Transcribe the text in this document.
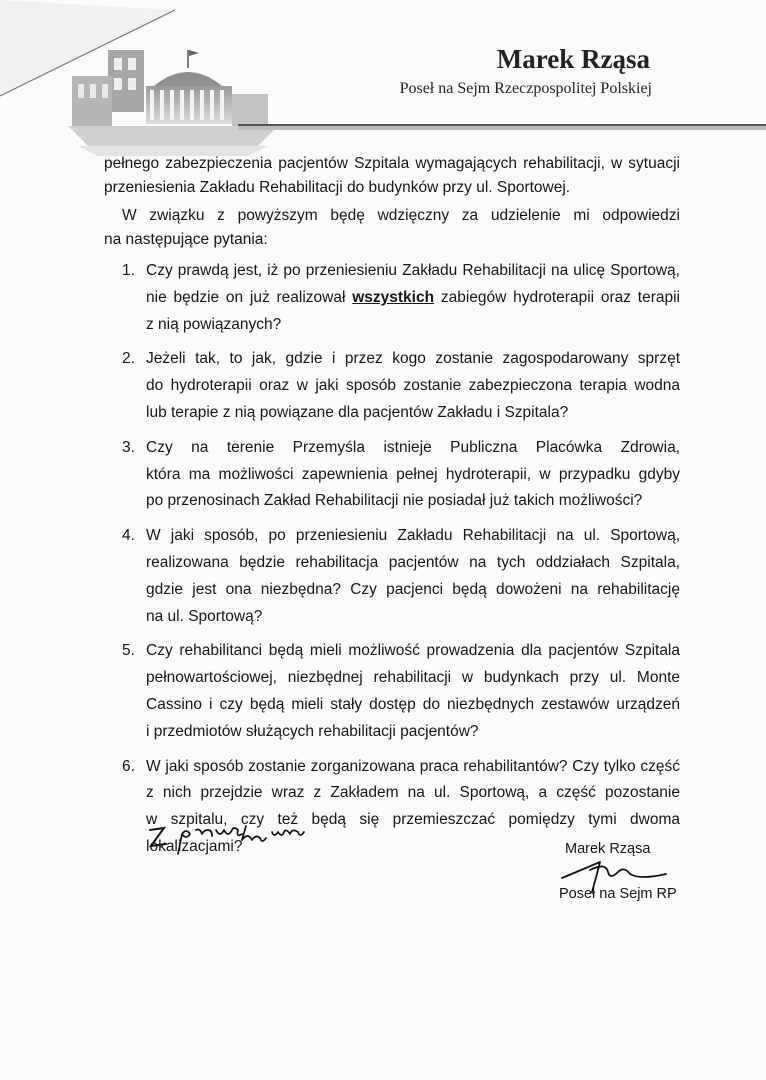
Marek Rząsa
Poseł na Sejm Rzeczpospolitej Polskiej
pełnego zabezpieczenia pacjentów Szpitala wymagających rehabilitacji, w sytuacji
przeniesienia Zakładu Rehabilitacji do budynków przy ul. Sportowej.
W związku z powyższym będę wdzięczny za udzielenie mi odpowiedzi
na następujące pytania:
1. Czy prawdą jest, iż po przeniesieniu Zakładu Rehabilitacji na ulicę Sportową,
nie będzie on już realizował wszystkich zabiegów hydroterapii oraz terapii
z nią powiązanych?
2. Jeżeli tak, to jak, gdzie i przez kogo zostanie zagospodarowany sprzęt
do hydroterapii oraz w jaki sposób zostanie zabezpieczona terapia wodna
lub terapie z nią powiązane dla pacjentów Zakładu i Szpitala?
3. Czy na terenie Przemyśla istnieje Publiczna Placówka Zdrowia,
która ma możliwości zapewnienia pełnej hydroterapii, w przypadku gdyby
po przenosinach Zakład Rehabilitacji nie posiadał już takich możliwości?
4. W jaki sposób, po przeniesieniu Zakładu Rehabilitacji na ul. Sportową,
realizowana będzie rehabilitacja pacjentów na tych oddziałach Szpitala,
gdzie jest ona niezbędna? Czy pacjenci będą dowożeni na rehabilitację
na ul. Sportową?
5. Czy rehabilitanci będą mieli możliwość prowadzenia dla pacjentów Szpitala
pełnowartościowej, niezbędnej rehabilitacji w budynkach przy ul. Monte
Cassino i czy będą mieli stały dostęp do niezbędnych zestawów urządzeń
i przedmiotów służących rehabilitacji pacjentów?
6. W jaki sposób zostanie zorganizowana praca rehabilitantów? Czy tylko część
z nich przejdzie wraz z Zakładem na ul. Sportową, a część pozostanie
w szpitalu, czy też będą się przemieszczać pomiędzy tymi dwoma
lokalizacjami?	Marek Rząsa
Poseł na Sejm RP
